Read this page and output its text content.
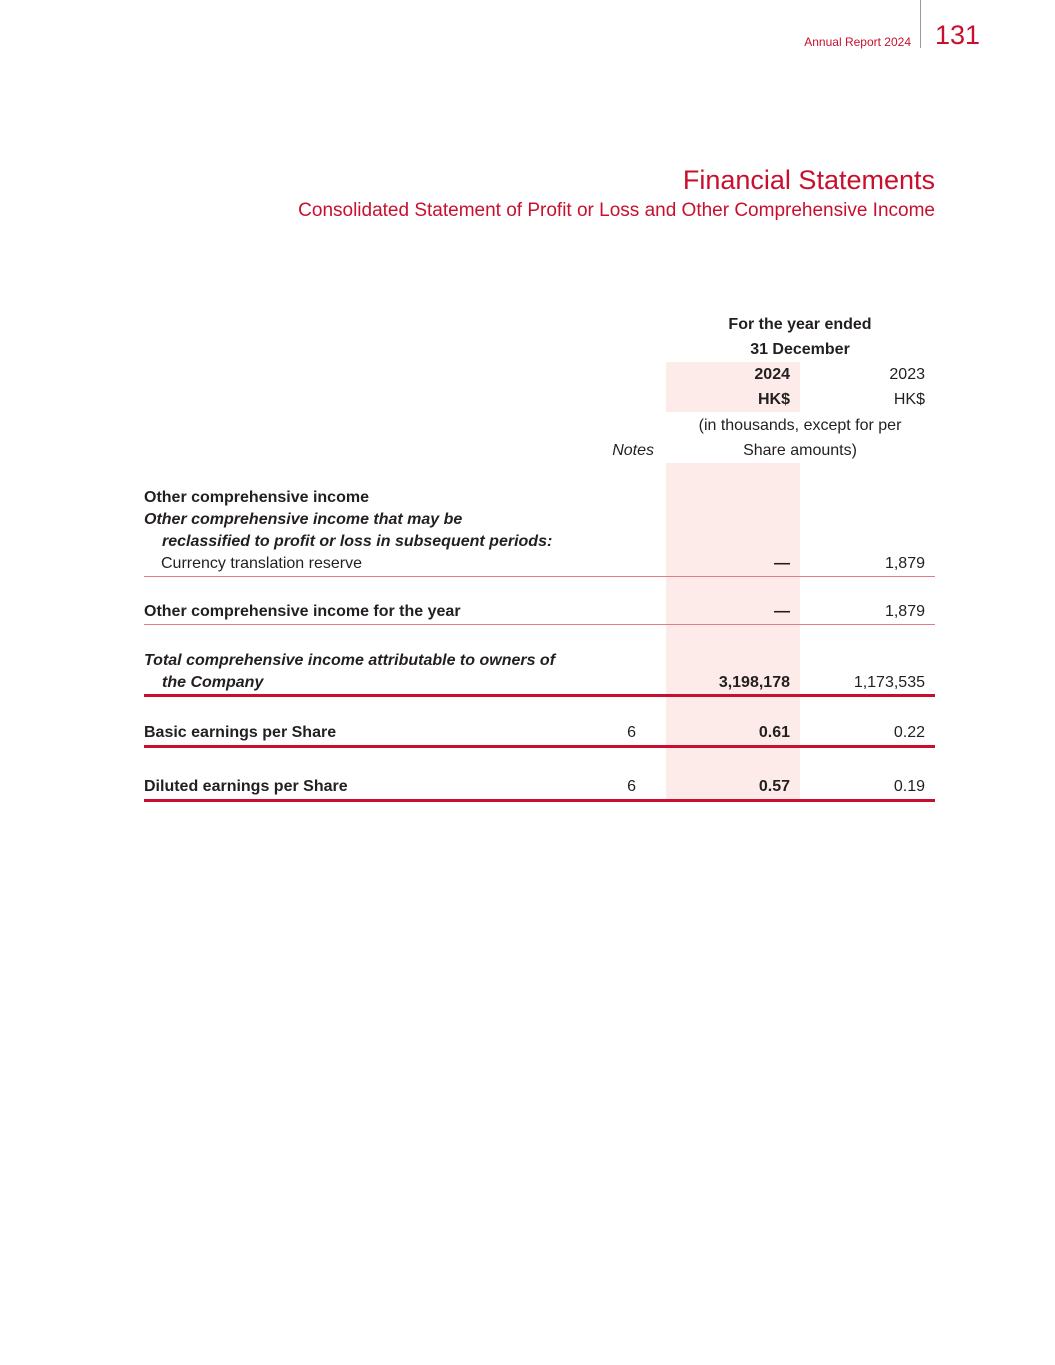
Annual Report 2024 131
Financial Statements
Consolidated Statement of Profit or Loss and Other Comprehensive Income
For the year ended
31 December
2024	2023
HK$	HK$
(in thousands, except for per
Share amounts)
Notes
Other comprehensive income
Other comprehensive income that may be
reclassified to profit or loss in subsequent periods:
Currency translation reserve	—	1,879
Other comprehensive income for the year	—	1,879
Total comprehensive income attributable to owners of
the Company	3,198,178	1,173,535
Basic earnings per Share	6	0.61	0.22
Diluted earnings per Share	6	0.57	0.19
